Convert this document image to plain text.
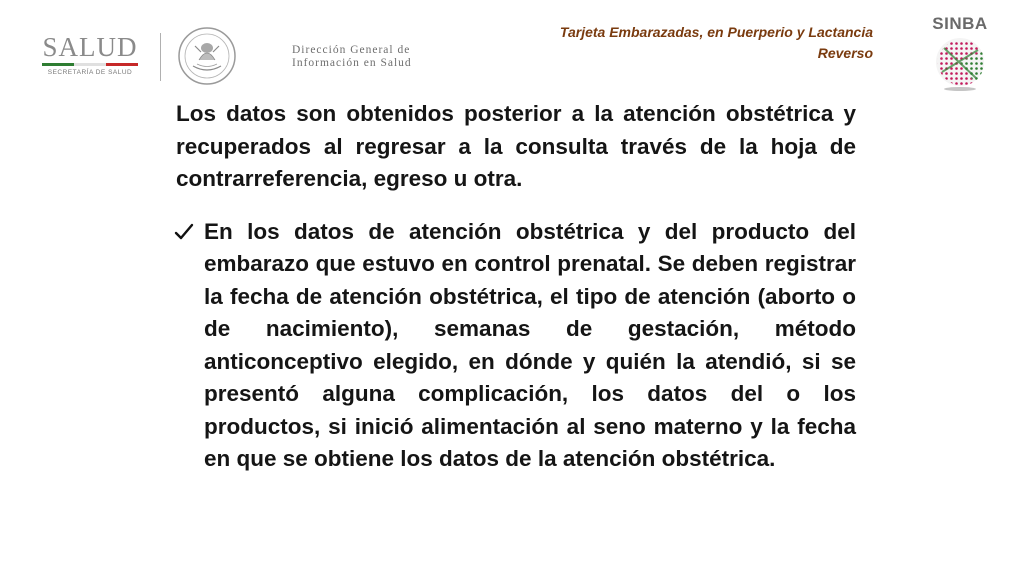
SALUD
SECRETARÍA DE SALUD
Dirección General de
Información en Salud
Tarjeta Embarazadas, en Puerperio y Lactancia
Reverso
SINBA

Los datos son obtenidos posterior a la atención obstétrica y recuperados al regresar a la consulta través de la hoja de contrarreferencia, egreso u otra.

En los datos de atención obstétrica y del producto del embarazo que estuvo en control prenatal. Se deben registrar la fecha de atención obstétrica, el tipo de atención (aborto o de nacimiento), semanas de gestación, método anticonceptivo elegido, en dónde y quién la atendió, si se presentó alguna complicación, los datos del o los productos, si inició alimentación al seno materno y la fecha en que se obtiene los datos de la atención obstétrica.
